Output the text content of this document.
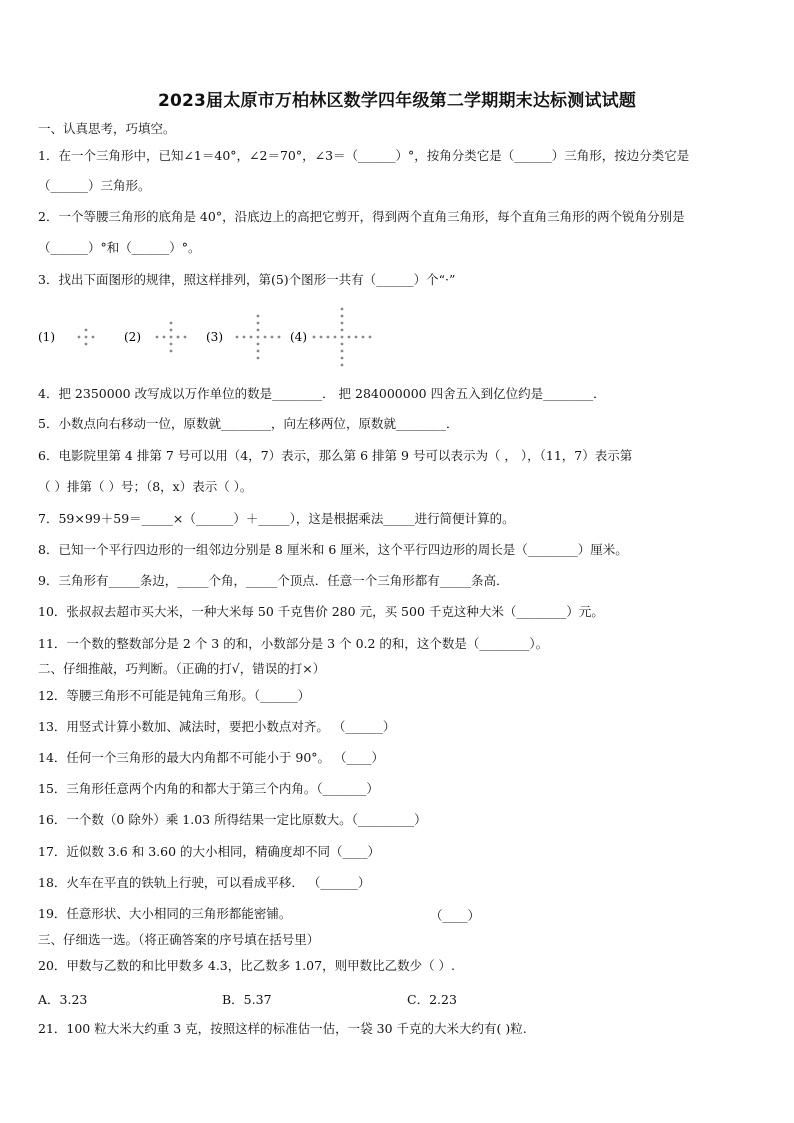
2023届太原市万柏林区数学四年级第二学期期末达标测试试题
一、认真思考，巧填空。
1．在一个三角形中，已知∠1＝40°，∠2＝70°，∠3＝（______）°，按角分类它是（______）三角形，按边分类它是
（______）三角形。
2．一个等腰三角形的底角是 40°，沿底边上的高把它剪开，得到两个直角三角形，每个直角三角形的两个锐角分别是
（______）°和（______）°。
3．找出下面图形的规律，照这样排列，第(5)个图形一共有（______）个“·”
(1)	(2)	(3)	(4)
4．把 2350000 改写成以万作单位的数是________． 把 284000000 四舍五入到亿位约是________．
5．小数点向右移动一位，原数就________，向左移两位，原数就________．
6．电影院里第 4 排第 7 号可以用（4，7）表示，那么第 6 排第 9 号可以表示为（ ， ），（11，7）表示第
（ ）排第（ ）号；（8，x）表示（ ）。
7．59×99＋59＝_____×（______）＋_____），这是根据乘法_____进行简便计算的。
8．已知一个平行四边形的一组邻边分别是 8 厘米和 6 厘米，这个平行四边形的周长是（________）厘米。
9．三角形有_____条边，_____个角，_____个顶点．任意一个三角形都有_____条高．
10．张叔叔去超市买大米，一种大米每 50 千克售价 280 元，买 500 千克这种大米（________）元。
11．一个数的整数部分是 2 个 3 的和，小数部分是 3 个 0.2 的和，这个数是（________）。
二、仔细推敲，巧判断。（正确的打√，错误的打×）
12．等腰三角形不可能是钝角三角形。（______）
13．用竖式计算小数加、减法时，要把小数点对齐。 （______）
14．任何一个三角形的最大内角都不可能小于 90°。 （____）
15．三角形任意两个内角的和都大于第三个内角。（_______）
16．一个数（0 除外）乘 1.03 所得结果一定比原数大。（_________）
17．近似数 3.6 和 3.60 的大小相同，精确度却不同（____）
18．火车在平直的铁轨上行驶，可以看成平移． （______）
19．任意形状、大小相同的三角形都能密铺。	（____）
三、仔细选一选。（将正确答案的序号填在括号里）
20．甲数与乙数的和比甲数多 4.3，比乙数多 1.07，则甲数比乙数少（ ）.
A．3.23	B．5.37	C．2.23
21．100 粒大米大约重 3 克，按照这样的标准估一估，一袋 30 千克的大米大约有( )粒.
